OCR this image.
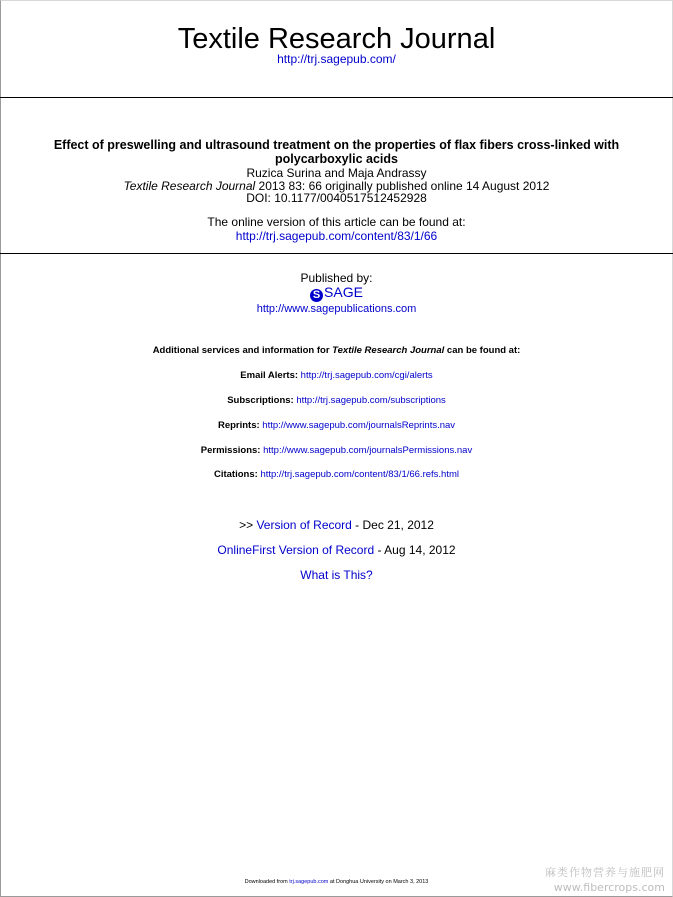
Textile Research Journal
http://trj.sagepub.com/
Effect of preswelling and ultrasound treatment on the properties of flax fibers cross-linked with
polycarboxylic acids
Ruzica Surina and Maja Andrassy
Textile Research Journal 2013 83: 66 originally published online 14 August 2012
DOI: 10.1177/0040517512452928
The online version of this article can be found at:
http://trj.sagepub.com/content/83/1/66
Published by:
S SAGE
http://www.sagepublications.com
Additional services and information for Textile Research Journal can be found at:
Email Alerts: http://trj.sagepub.com/cgi/alerts
Subscriptions: http://trj.sagepub.com/subscriptions
Reprints: http://www.sagepub.com/journalsReprints.nav
Permissions: http://www.sagepub.com/journalsPermissions.nav
Citations: http://trj.sagepub.com/content/83/1/66.refs.html
>> Version of Record - Dec 21, 2012
OnlineFirst Version of Record - Aug 14, 2012
What is This?
Downloaded from trj.sagepub.com at Donghua University on March 3, 2013
麻类作物营养与施肥网
www.fibercrops.com
